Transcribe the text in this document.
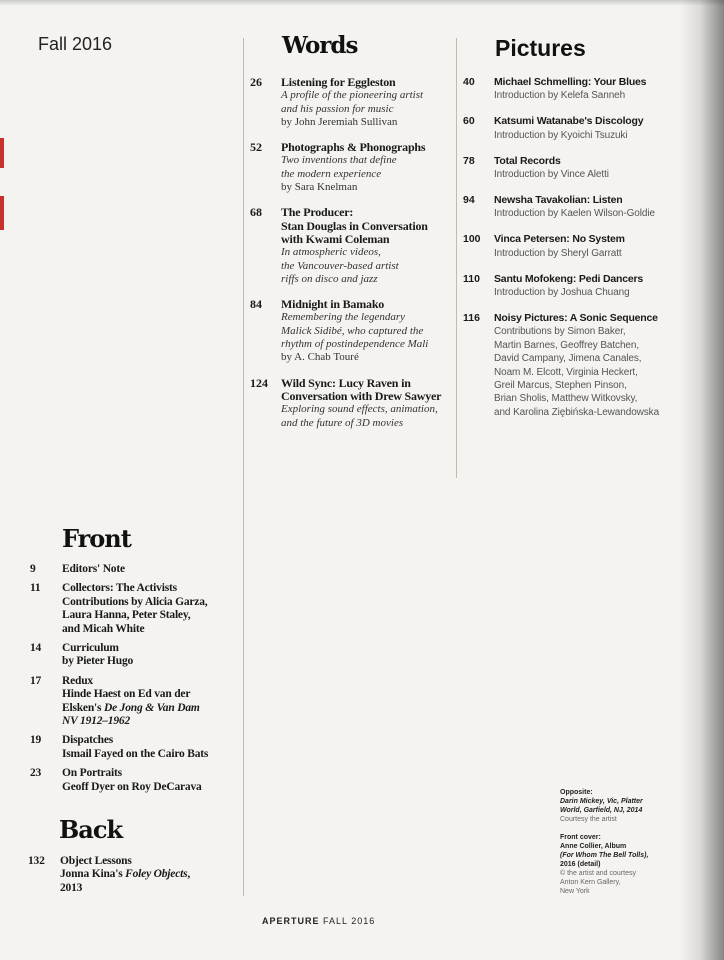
Fall 2016	Words
26 Listening for Eggleston
A profile of the pioneering artist
and his passion for music
by John Jeremiah Sullivan
52 Photographs & Phonographs
Two inventions that define
the modern experience
by Sara Knelman
68 The Producer:
Stan Douglas in Conversation
with Kwami Coleman
In atmospheric videos,
the Vancouver-based artist
riffs on disco and jazz
84 Midnight in Bamako
Remembering the legendary
Malick Sidibé, who captured the
rhythm of postindependence Mali
by A. Chab Touré
124 Wild Sync: Lucy Raven in
Conversation with Drew Sawyer
Exploring sound effects, animation,
and the future of 3D movies
Pictures
40 Michael Schmelling: Your Blues
Introduction by Kelefa Sanneh
60 Katsumi Watanabe's Discology
Introduction by Kyoichi Tsuzuki
78 Total Records
Introduction by Vince Aletti
94 Newsha Tavakolian: Listen
Introduction by Kaelen Wilson-Goldie
100 Vinca Petersen: No System
Introduction by Sheryl Garratt
110 Santu Mofokeng: Pedi Dancers
Introduction by Joshua Chuang
116 Noisy Pictures: A Sonic Sequence
Contributions by Simon Baker,
Martin Barnes, Geoffrey Batchen,
David Campany, Jimena Canales,
Noam M. Elcott, Virginia Heckert,
Greil Marcus, Stephen Pinson,
Brian Sholis, Matthew Witkovsky,
and Karolina Ziębińska-Lewandowska
Front
9 Editors' Note
11 Collectors: The Activists
Contributions by Alicia Garza,
Laura Hanna, Peter Staley,
and Micah White
14 Curriculum
by Pieter Hugo
17 Redux
Hinde Haest on Ed van der
Elsken's De Jong & Van Dam
NV 1912–1962
19 Dispatches
Ismail Fayed on the Cairo Bats
23 On Portraits
Geoff Dyer on Roy DeCarava
Back
132 Object Lessons
Jonna Kina's Foley Objects,
2013
Opposite:
Darin Mickey, Vic, Platter
World, Garfield, NJ, 2014
Courtesy the artist
Front cover:
Anne Collier, Album
(For Whom The Bell Tolls),
2016 (detail)
© the artist and courtesy
Anton Kern Gallery,
New York
APERTURE FALL 2016
